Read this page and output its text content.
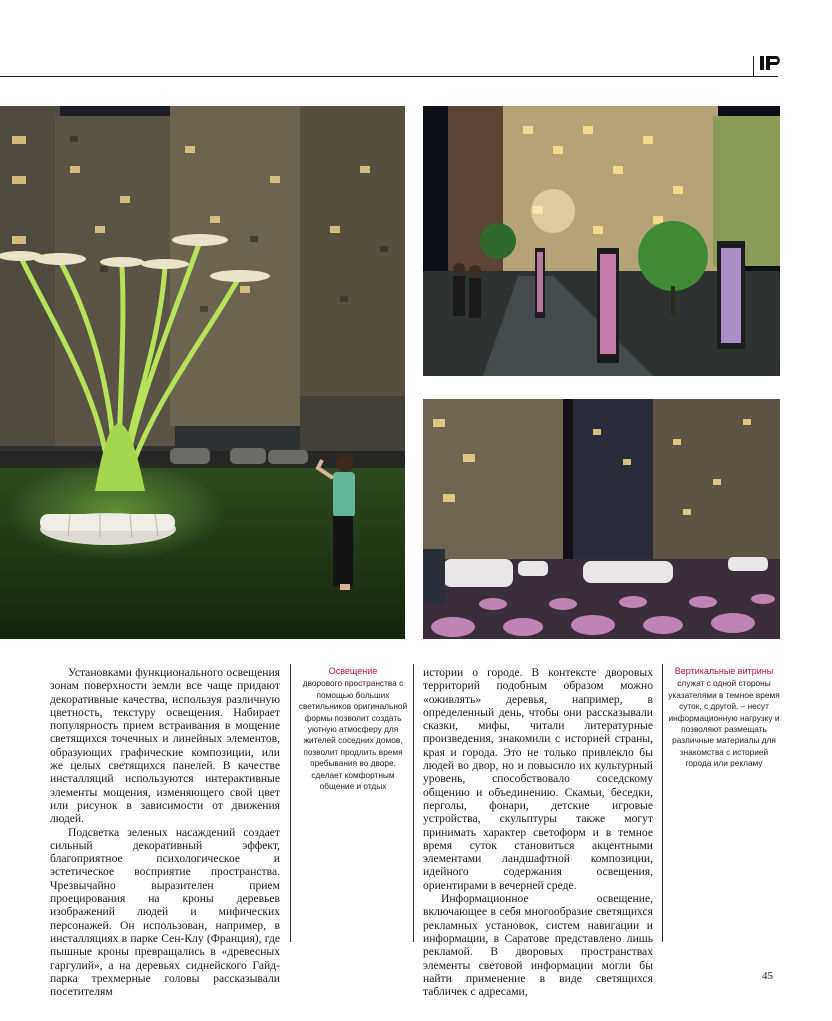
Установками функционального освещения зонам поверхности земли все чаще придают декоративные качества, используя различную цветность, текстуру освещения. Набирает популярность прием встраивания в мощение светящихся точечных и линейных элементов, образующих графические композиции, или же целых светящихся панелей. В качестве инсталляций используются интерактивные элементы мощения, изменяющего свой цвет или рисунок в зависимости от движения людей.

Подсветка зеленых насаждений создает сильный декоративный эффект, благоприятное психологическое и эстетическое восприятие пространства. Чрезвычайно выразителен прием проецирования на кроны деревьев изображений людей и мифических персонажей. Он использован, например, в инсталляциях в парке Сен-Клу (Франция), где пышные кроны превращались в «древесных гаргулий», а на деревьях сиднейского Гайд-парка трехмерные головы рассказывали посетителям

Освещение
дворового пространства с помощью больших светильников оригинальной формы позволит создать уютную атмосферу для жителей соседних домов, позволит продлить время пребывания во дворе, сделает комфортным общение и отдых

истории о городе. В контексте дворовых территорий подобным образом можно «оживлять» деревья, например, в определенный день, чтобы они рассказывали сказки, мифы, читали литературные произведения, знакомили с историей страны, края и города. Это не только привлекло бы людей во двор, но и повысило их культурный уровень, способствовало соседскому общению и объединению. Скамьи, беседки, перголы, фонари, детские игровые устройства, скульптуры также могут принимать характер светоформ и в темное время суток становиться акцентными элементами ландшафтной композиции, идейного содержания освещения, ориентирами в вечерней среде.

Информационное освещение, включающее в себя многообразие светящихся рекламных установок, систем навигации и информации, в Саратове представлено лишь рекламой. В дворовых пространствах элементы световой информации могли бы найти применение в виде светящихся табличек с адресами,

Вертикальные витрины
служат с одной стороны указателями в темное время суток, с другой, – несут информационную нагрузку и позволяют размещать различные материалы для знакомства с историей города или рекламу
45
